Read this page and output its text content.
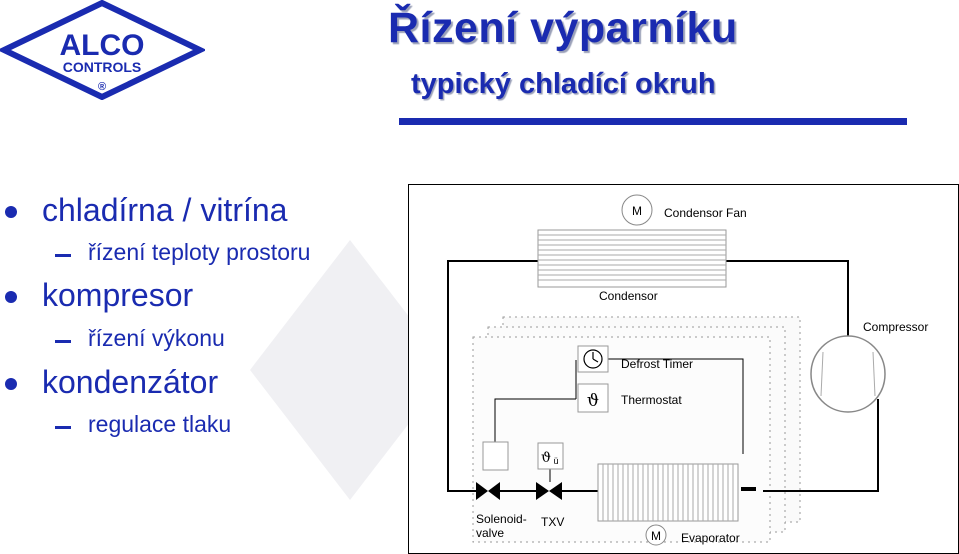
ALCO
CONTROLS
®
Řízení výparníku
typický chladící okruh
chladírna / vitrína
řízení teploty prostoru
kompresor
řízení výkonu
kondenzátor
regulace tlaku
M Condensor Fan
Condensor
Compressor
Defrost Timer
ϑ Thermostat
ϑ ü
Solenoid-
valve
TXV
M Evaporator
